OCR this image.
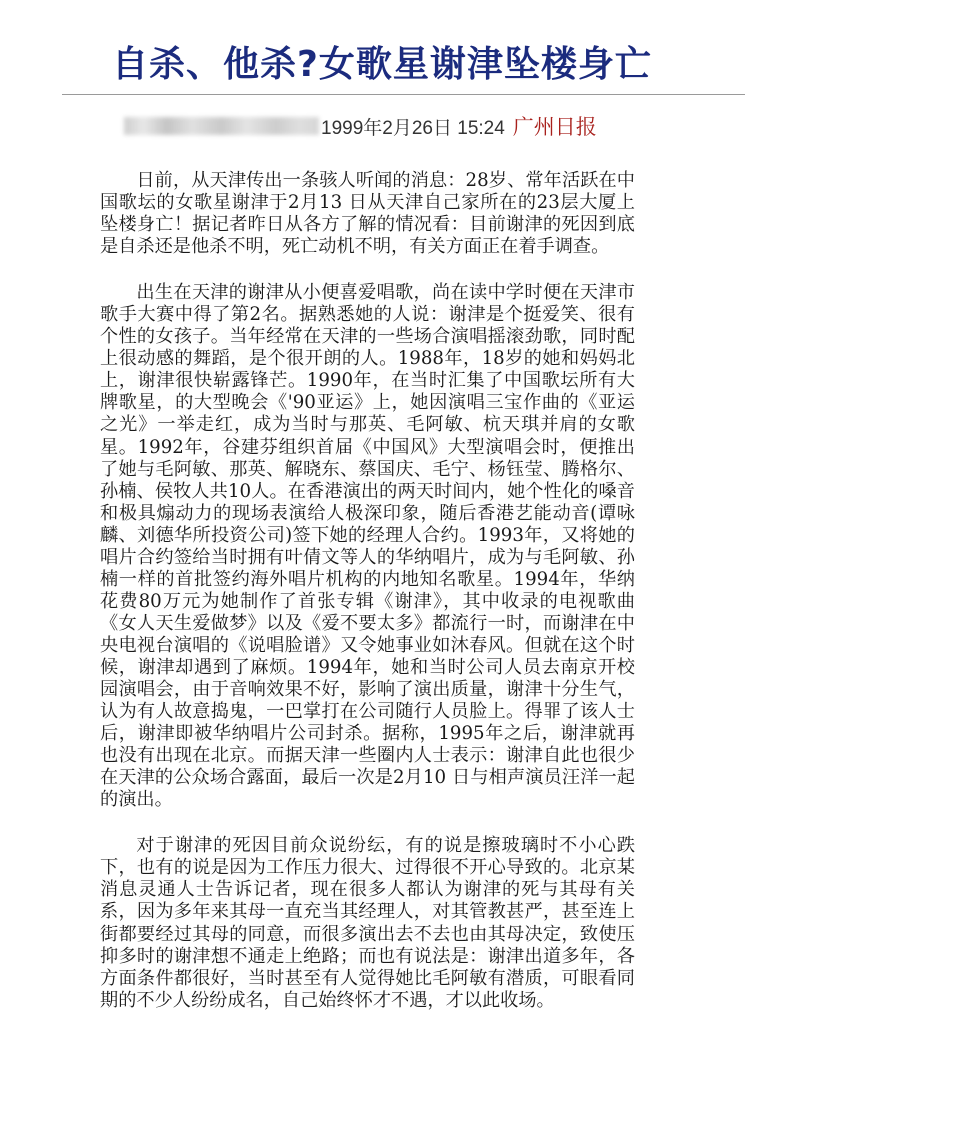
自杀、他杀?女歌星谢津坠楼身亡
1999年2月26日 15:24 广州日报

日前，从天津传出一条骇人听闻的消息：28岁、常年活跃在中国歌坛的女歌星谢津于2月13 日从天津自己家所在的23层大厦上坠楼身亡！据记者昨日从各方了解的情况看：目前谢津的死因到底是自杀还是他杀不明，死亡动机不明，有关方面正在着手调查。

出生在天津的谢津从小便喜爱唱歌，尚在读中学时便在天津市歌手大赛中得了第2名。据熟悉她的人说：谢津是个挺爱笑、很有个性的女孩子。当年经常在天津的一些场合演唱摇滚劲歌，同时配上很动感的舞蹈，是个很开朗的人。1988年，18岁的她和妈妈北上，谢津很快崭露锋芒。1990年，在当时汇集了中国歌坛所有大牌歌星，的大型晚会《'90亚运》上，她因演唱三宝作曲的《亚运之光》一举走红，成为当时与那英、毛阿敏、杭天琪并肩的女歌星。1992年，谷建芬组织首届《中国风》大型演唱会时，便推出了她与毛阿敏、那英、解晓东、蔡国庆、毛宁、杨钰莹、腾格尔、孙楠、侯牧人共10人。在香港演出的两天时间内，她个性化的嗓音和极具煽动力的现场表演给人极深印象，随后香港艺能动音(谭咏麟、刘德华所投资公司)签下她的经理人合约。1993年，又将她的唱片合约签给当时拥有叶倩文等人的华纳唱片，成为与毛阿敏、孙楠一样的首批签约海外唱片机构的内地知名歌星。1994年，华纳花费80万元为她制作了首张专辑《谢津》，其中收录的电视歌曲《女人天生爱做梦》以及《爱不要太多》都流行一时，而谢津在中央电视台演唱的《说唱脸谱》又令她事业如沐春风。但就在这个时候，谢津却遇到了麻烦。1994年，她和当时公司人员去南京开校园演唱会，由于音响效果不好，影响了演出质量，谢津十分生气，认为有人故意捣鬼，一巴掌打在公司随行人员脸上。得罪了该人士后，谢津即被华纳唱片公司封杀。据称，1995年之后，谢津就再也没有出现在北京。而据天津一些圈内人士表示：谢津自此也很少在天津的公众场合露面，最后一次是2月10 日与相声演员汪洋一起的演出。

对于谢津的死因目前众说纷纭，有的说是擦玻璃时不小心跌下，也有的说是因为工作压力很大、过得很不开心导致的。北京某消息灵通人士告诉记者，现在很多人都认为谢津的死与其母有关系，因为多年来其母一直充当其经理人，对其管教甚严，甚至连上街都要经过其母的同意，而很多演出去不去也由其母决定，致使压抑多时的谢津想不通走上绝路；而也有说法是：谢津出道多年，各方面条件都很好，当时甚至有人觉得她比毛阿敏有潜质，可眼看同期的不少人纷纷成名，自己始终怀才不遇，才以此收场。
